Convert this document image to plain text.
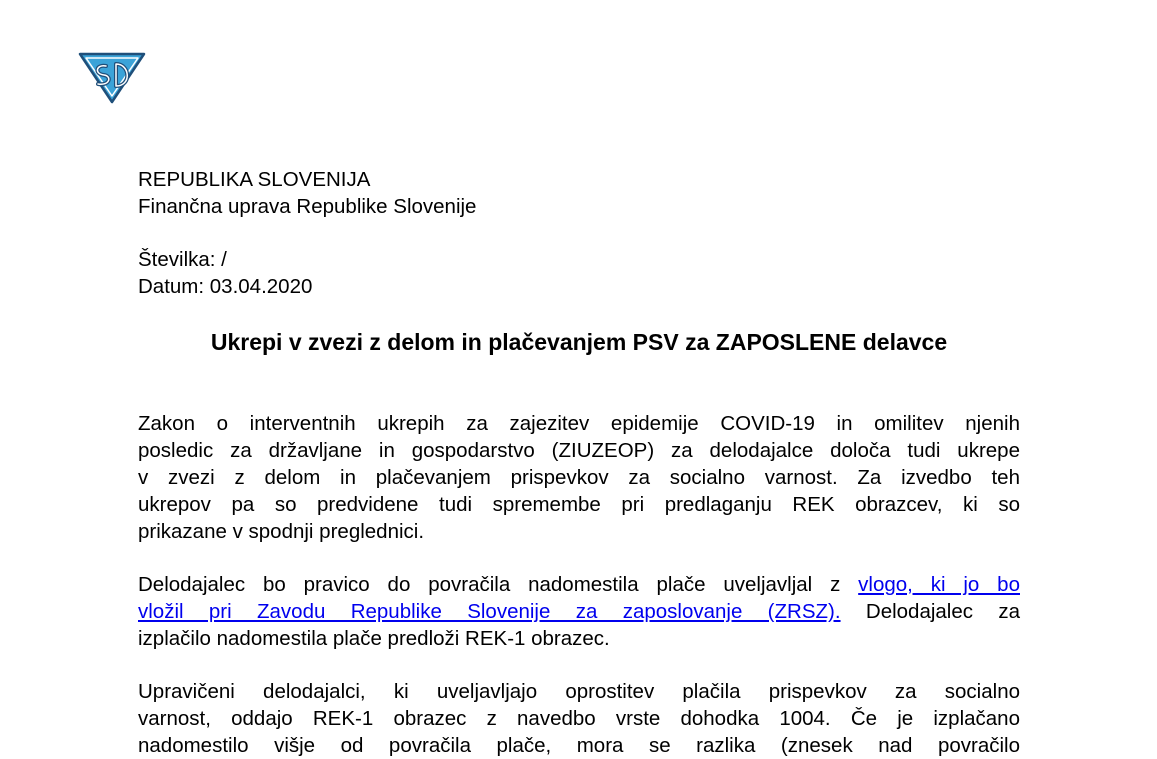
REPUBLIKA SLOVENIJA
Finančna uprava Republike Slovenije
Številka: /
Datum: 03.04.2020
Ukrepi v zvezi z delom in plačevanjem PSV za ZAPOSLENE delavce
Zakon o interventnih ukrepih za zajezitev epidemije COVID-19 in omilitev njenih
posledic za državljane in gospodarstvo (ZIUZEOP) za delodajalce določa tudi ukrepe
v zvezi z delom in plačevanjem prispevkov za socialno varnost. Za izvedbo teh
ukrepov pa so predvidene tudi spremembe pri predlaganju REK obrazcev, ki so
prikazane v spodnji preglednici.
Delodajalec bo pravico do povračila nadomestila plače uveljavljal z vlogo, ki jo bo
vložil pri Zavodu Republike Slovenije za zaposlovanje (ZRSZ). Delodajalec za
izplačilo nadomestila plače predloži REK-1 obrazec.
Upravičeni delodajalci, ki uveljavljajo oprostitev plačila prispevkov za socialno
varnost, oddajo REK-1 obrazec z navedbo vrste dohodka 1004. Če je izplačano
nadomestilo višje od povračila plače, mora se razlika (znesek nad povračilo
